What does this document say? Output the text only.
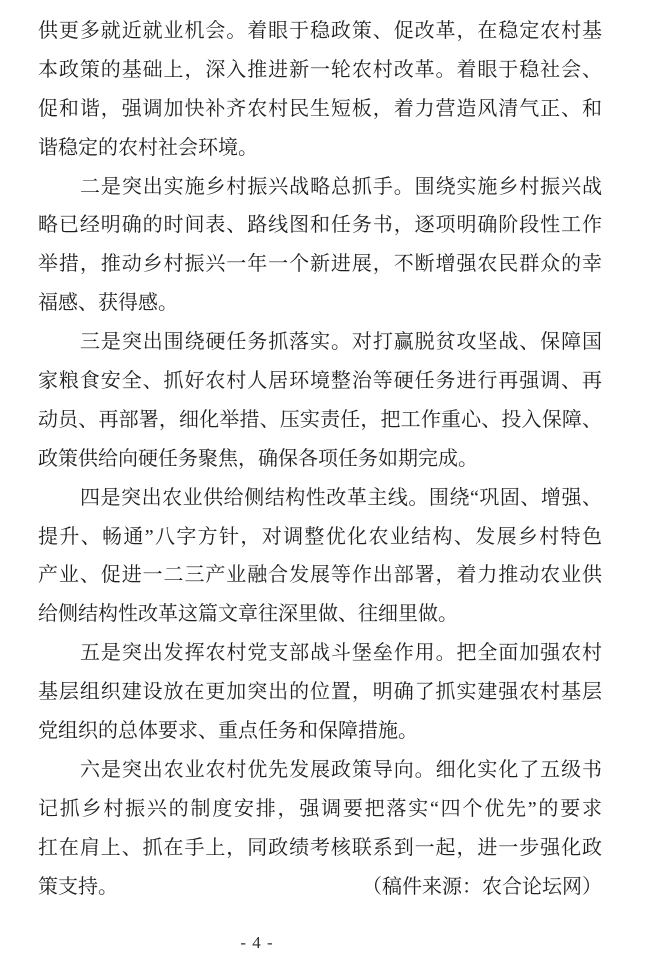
供更多就近就业机会。着眼于稳政策、促改革，在稳定农村基
本政策的基础上，深入推进新一轮农村改革。着眼于稳社会、
促和谐，强调加快补齐农村民生短板，着力营造风清气正、和
谐稳定的农村社会环境。
二是突出实施乡村振兴战略总抓手。围绕实施乡村振兴战
略已经明确的时间表、路线图和任务书，逐项明确阶段性工作
举措，推动乡村振兴一年一个新进展，不断增强农民群众的幸
福感、获得感。
三是突出围绕硬任务抓落实。对打赢脱贫攻坚战、保障国
家粮食安全、抓好农村人居环境整治等硬任务进行再强调、再
动员、再部署，细化举措、压实责任，把工作重心、投入保障、
政策供给向硬任务聚焦，确保各项任务如期完成。
四是突出农业供给侧结构性改革主线。围绕“巩固、增强、
提升、畅通”八字方针，对调整优化农业结构、发展乡村特色
产业、促进一二三产业融合发展等作出部署，着力推动农业供
给侧结构性改革这篇文章往深里做、往细里做。
五是突出发挥农村党支部战斗堡垒作用。把全面加强农村
基层组织建设放在更加突出的位置，明确了抓实建强农村基层
党组织的总体要求、重点任务和保障措施。
六是突出农业农村优先发展政策导向。细化实化了五级书
记抓乡村振兴的制度安排，强调要把落实“四个优先”的要求
扛在肩上、抓在手上，同政绩考核联系到一起，进一步强化政
策支持。	（稿件来源：农合论坛网）
- 4 -
